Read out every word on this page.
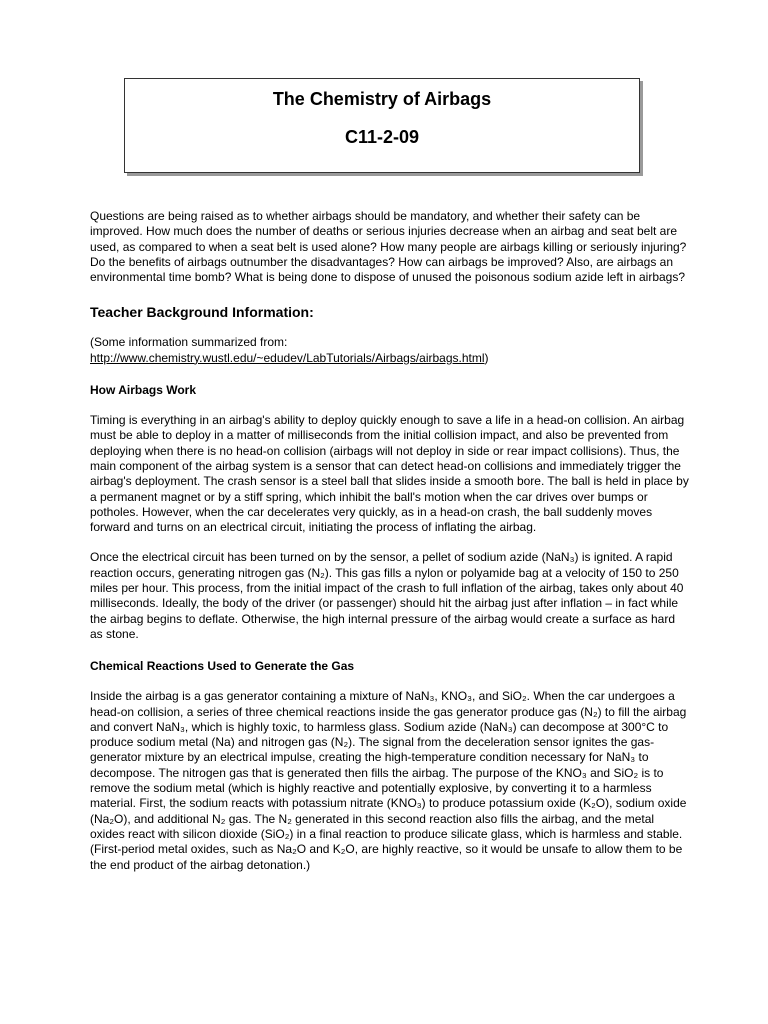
The Chemistry of Airbags
C11-2-09

Questions are being raised as to whether airbags should be mandatory, and whether their safety can be improved. How much does the number of deaths or serious injuries decrease when an airbag and seat belt are used, as compared to when a seat belt is used alone? How many people are airbags killing or seriously injuring? Do the benefits of airbags outnumber the disadvantages? How can airbags be improved? Also, are airbags an environmental time bomb? What is being done to dispose of unused the poisonous sodium azide left in airbags?

Teacher Background Information:

(Some information summarized from:
http://www.chemistry.wustl.edu/~edudev/LabTutorials/Airbags/airbags.html)

How Airbags Work

Timing is everything in an airbag's ability to deploy quickly enough to save a life in a head-on collision. An airbag must be able to deploy in a matter of milliseconds from the initial collision impact, and also be prevented from deploying when there is no head-on collision (airbags will not deploy in side or rear impact collisions). Thus, the main component of the airbag system is a sensor that can detect head-on collisions and immediately trigger the airbag's deployment. The crash sensor is a steel ball that slides inside a smooth bore. The ball is held in place by a permanent magnet or by a stiff spring, which inhibit the ball's motion when the car drives over bumps or potholes. However, when the car decelerates very quickly, as in a head-on crash, the ball suddenly moves forward and turns on an electrical circuit, initiating the process of inflating the airbag.

Once the electrical circuit has been turned on by the sensor, a pellet of sodium azide (NaN₃) is ignited. A rapid reaction occurs, generating nitrogen gas (N₂). This gas fills a nylon or polyamide bag at a velocity of 150 to 250 miles per hour. This process, from the initial impact of the crash to full inflation of the airbag, takes only about 40 milliseconds. Ideally, the body of the driver (or passenger) should hit the airbag just after inflation – in fact while the airbag begins to deflate. Otherwise, the high internal pressure of the airbag would create a surface as hard as stone.

Chemical Reactions Used to Generate the Gas

Inside the airbag is a gas generator containing a mixture of NaN₃, KNO₃, and SiO₂. When the car undergoes a head-on collision, a series of three chemical reactions inside the gas generator produce gas (N₂) to fill the airbag and convert NaN₃, which is highly toxic, to harmless glass. Sodium azide (NaN₃) can decompose at 300°C to produce sodium metal (Na) and nitrogen gas (N₂). The signal from the deceleration sensor ignites the gas-generator mixture by an electrical impulse, creating the high-temperature condition necessary for NaN₃ to decompose. The nitrogen gas that is generated then fills the airbag. The purpose of the KNO₃ and SiO₂ is to remove the sodium metal (which is highly reactive and potentially explosive, by converting it to a harmless material. First, the sodium reacts with potassium nitrate (KNO₃) to produce potassium oxide (K₂O), sodium oxide (Na₂O), and additional N₂ gas. The N₂ generated in this second reaction also fills the airbag, and the metal oxides react with silicon dioxide (SiO₂) in a final reaction to produce silicate glass, which is harmless and stable. (First-period metal oxides, such as Na₂O and K₂O, are highly reactive, so it would be unsafe to allow them to be the end product of the airbag detonation.)
